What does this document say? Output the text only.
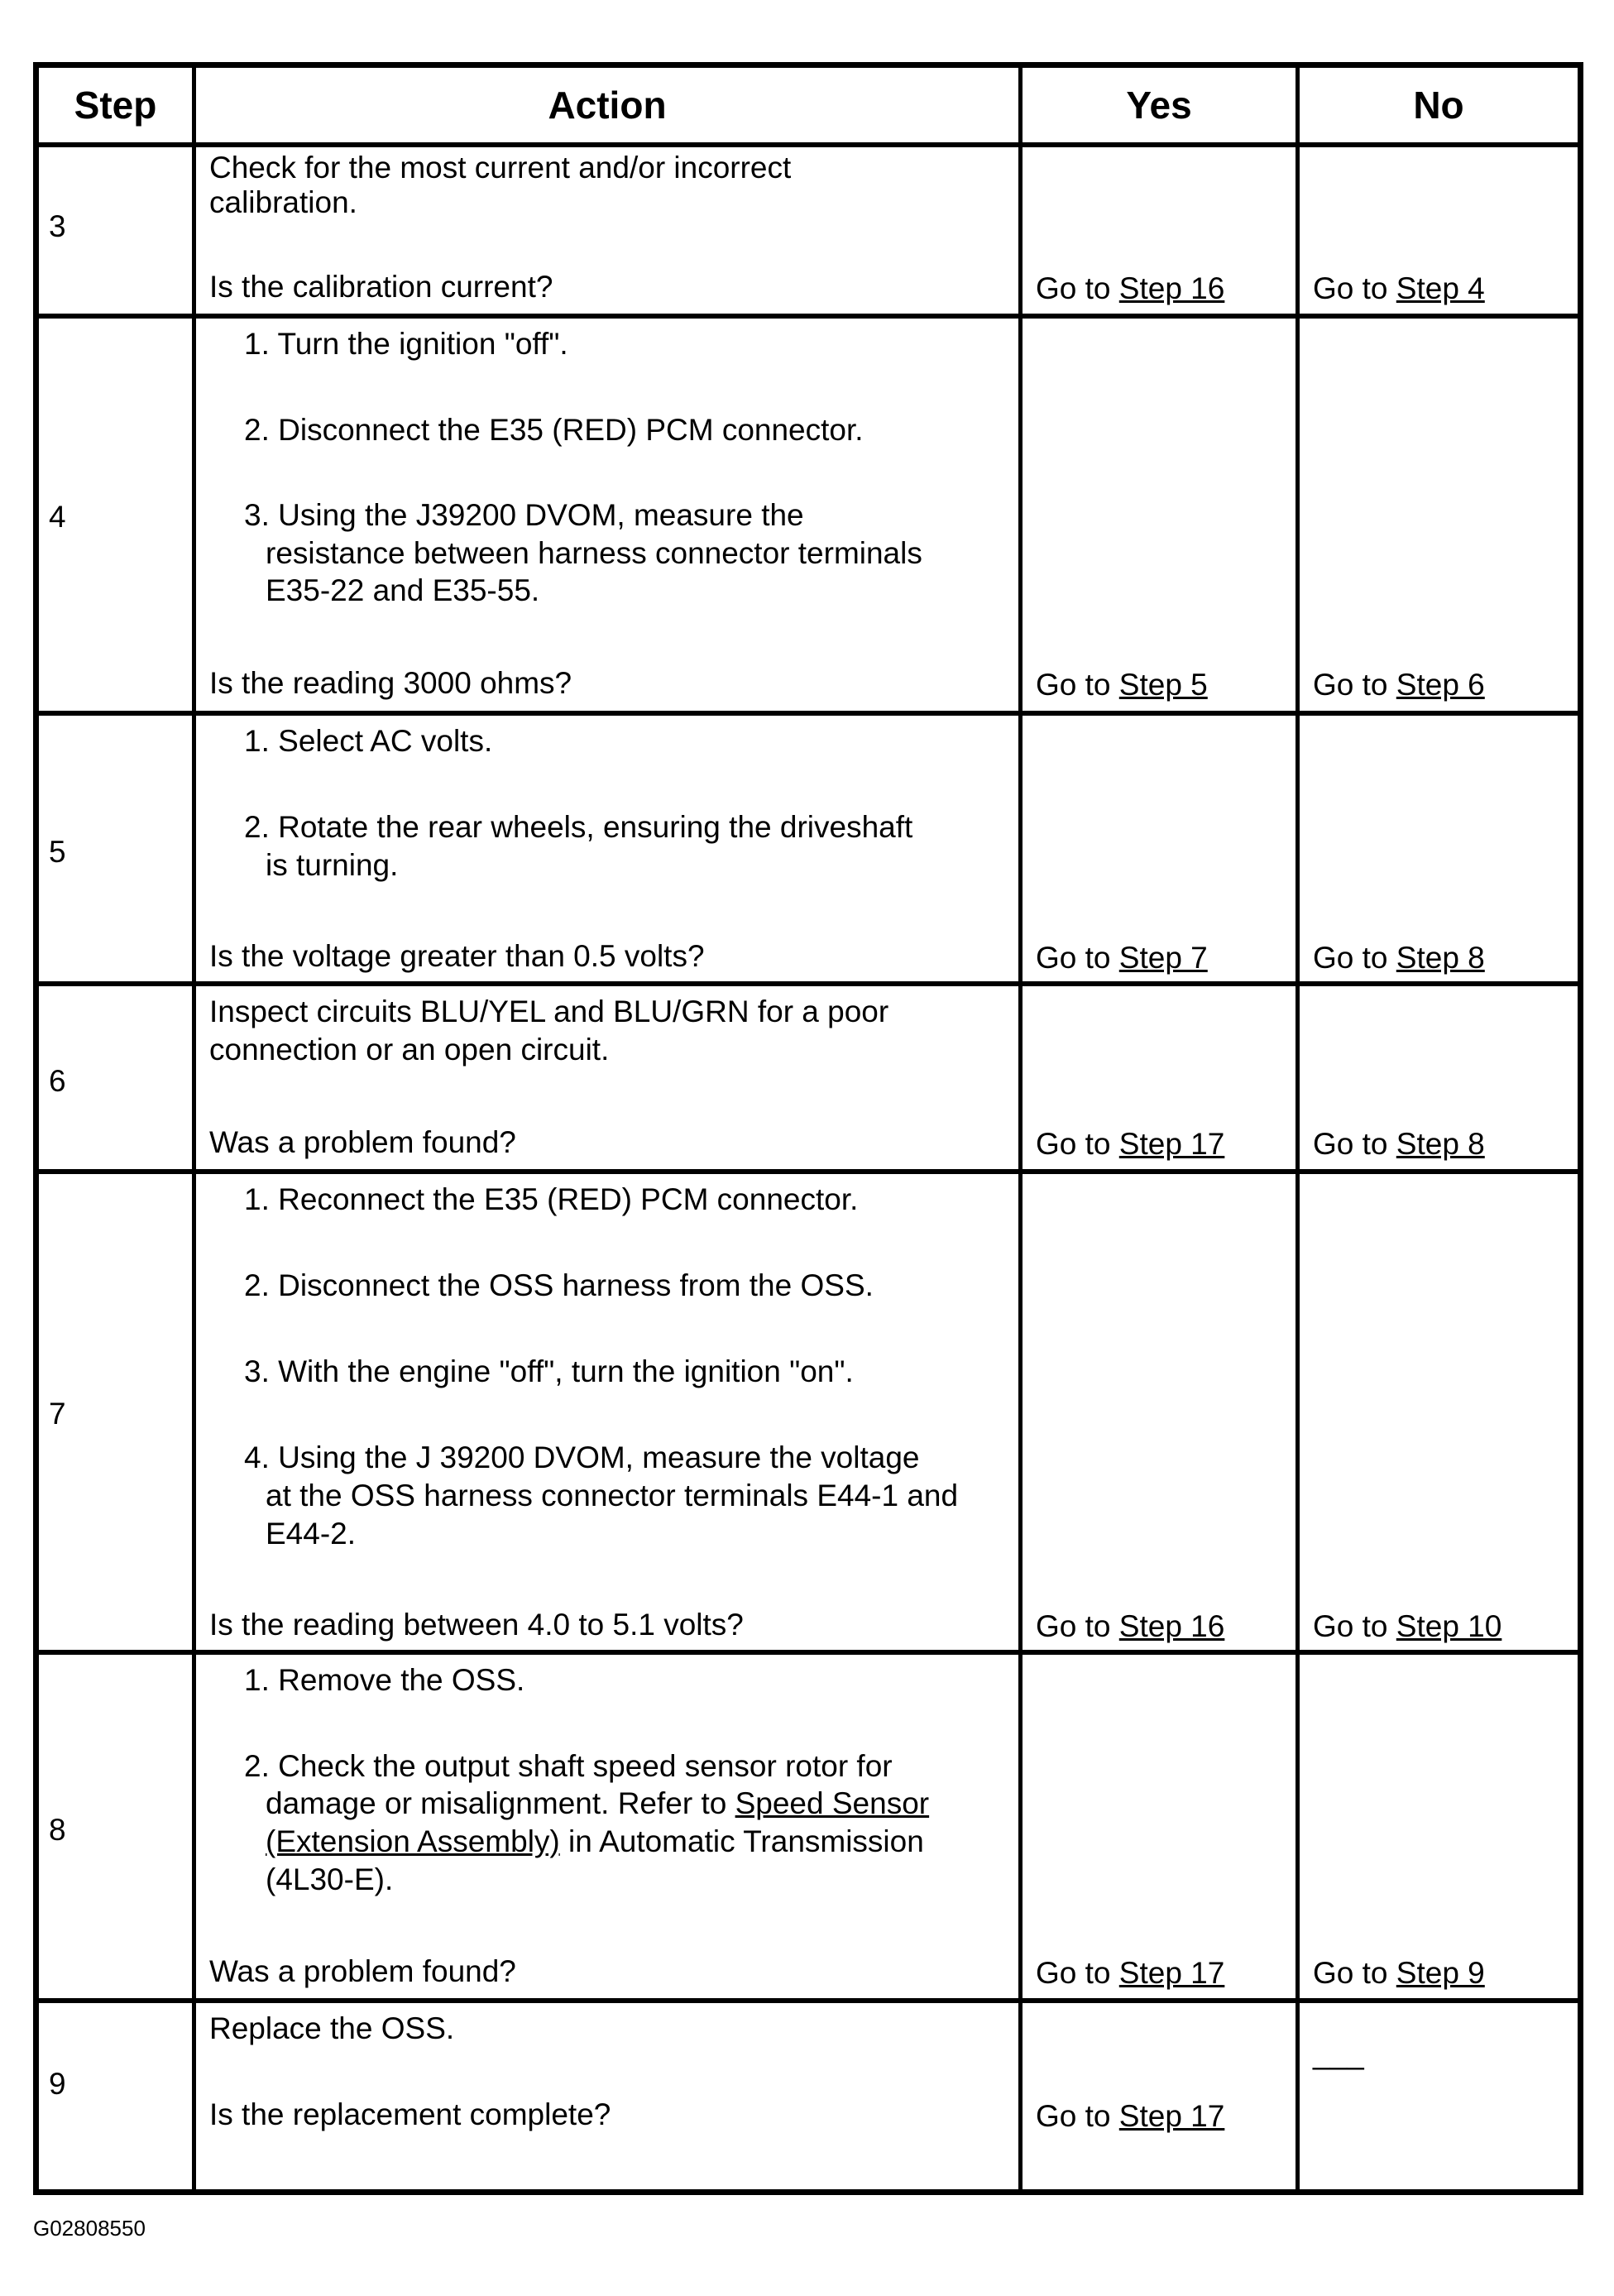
Step	Action	Yes	No
3
Check for the most current and/or incorrect
calibration.
Is the calibration current?	Go to Step 16	Go to Step 4
4
1. Turn the ignition "off".
2. Disconnect the E35 (RED) PCM connector.
3. Using the J39200 DVOM, measure the
resistance between harness connector terminals
E35-22 and E35-55.
Is the reading 3000 ohms?	Go to Step 5	Go to Step 6
5
1. Select AC volts.
2. Rotate the rear wheels, ensuring the driveshaft
is turning.
Is the voltage greater than 0.5 volts?	Go to Step 7	Go to Step 8
6
Inspect circuits BLU/YEL and BLU/GRN for a poor
connection or an open circuit.
Was a problem found?	Go to Step 17	Go to Step 8
7
1. Reconnect the E35 (RED) PCM connector.
2. Disconnect the OSS harness from the OSS.
3. With the engine "off", turn the ignition "on".
4. Using the J 39200 DVOM, measure the voltage
at the OSS harness connector terminals E44-1 and
E44-2.
Is the reading between 4.0 to 5.1 volts?	Go to Step 16	Go to Step 10
8
1. Remove the OSS.
2. Check the output shaft speed sensor rotor for
damage or misalignment. Refer to Speed Sensor
(Extension Assembly) in Automatic Transmission
(4L30-E).
Was a problem found?	Go to Step 17	Go to Step 9
9
Replace the OSS.
Is the replacement complete?	Go to Step 17
___
G02808550
